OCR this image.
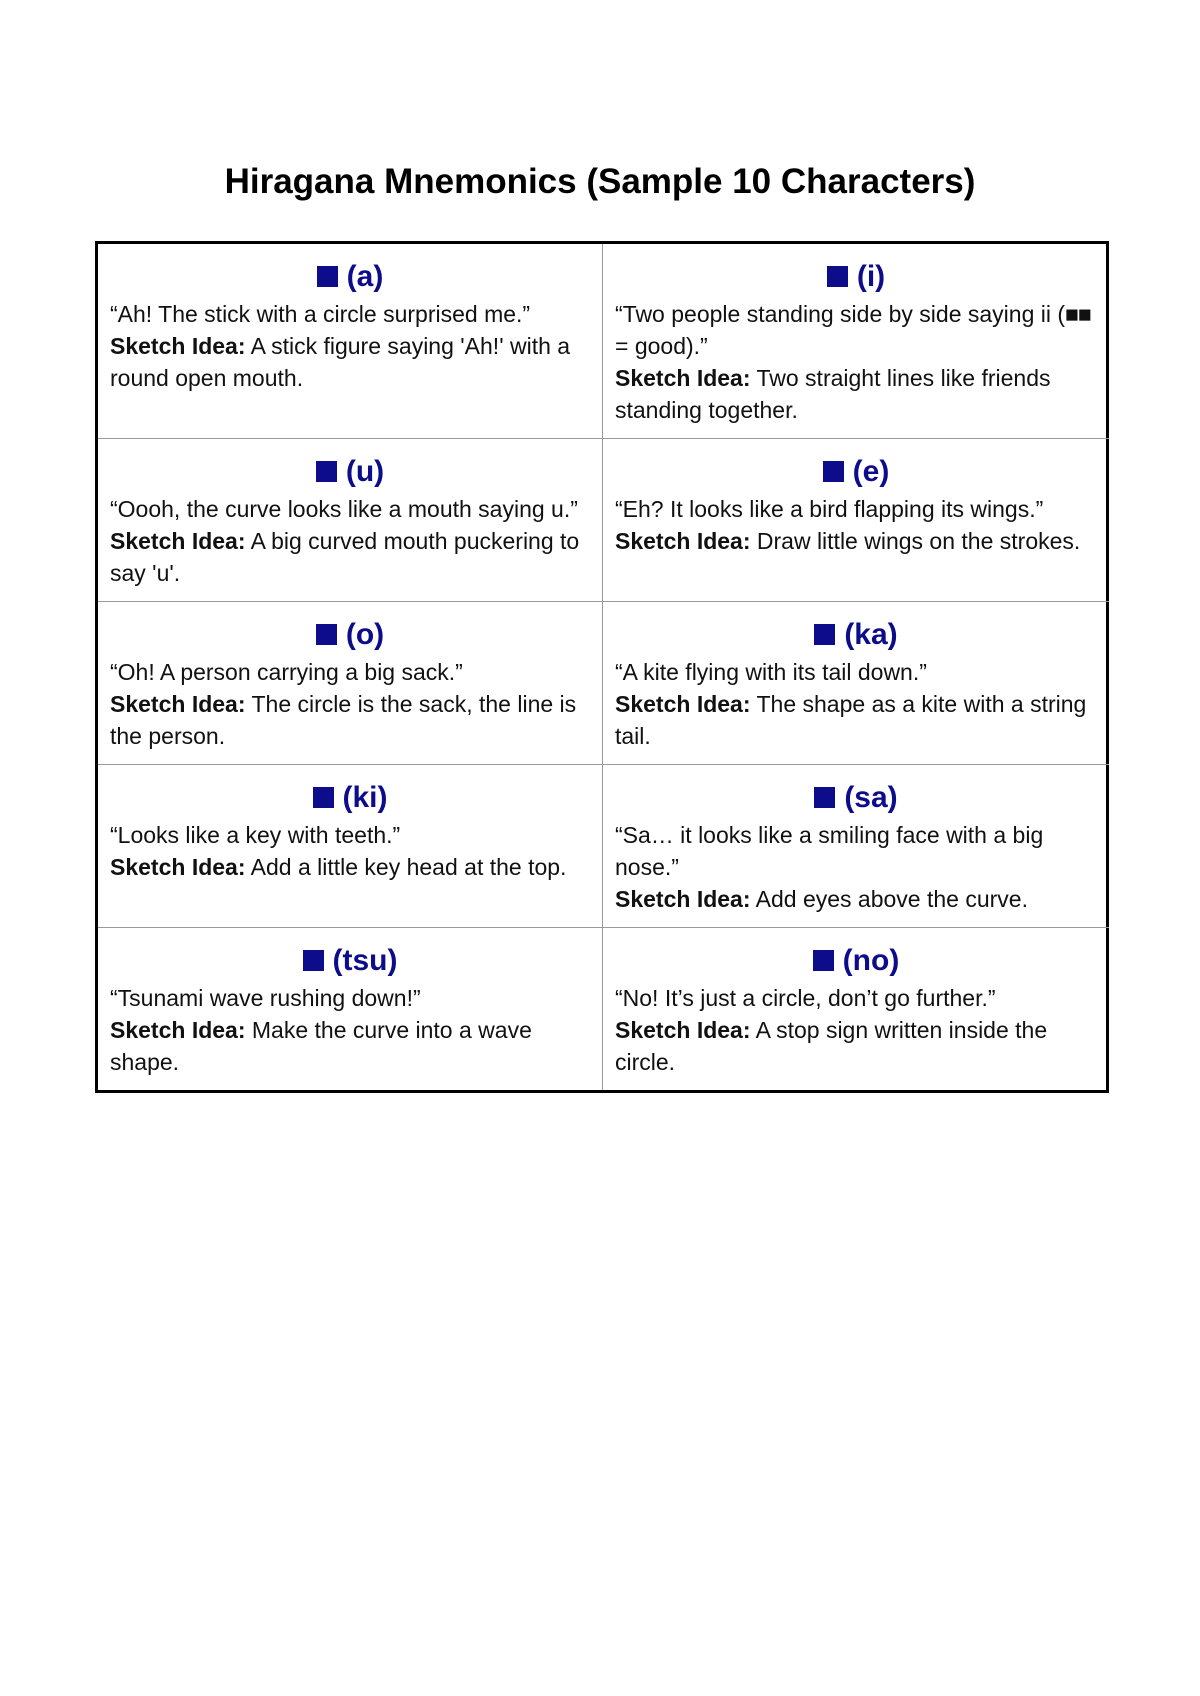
Hiragana Mnemonics (Sample 10 Characters)
(a)
“Ah! The stick with a circle surprised me.”
Sketch Idea: A stick figure saying 'Ah!' with a round open mouth.
(i)
“Two people standing side by side saying ii (■■ = good).”
Sketch Idea: Two straight lines like friends standing together.
(u)
“Oooh, the curve looks like a mouth saying u.”
Sketch Idea: A big curved mouth puckering to say 'u'.
(e)
“Eh? It looks like a bird flapping its wings.”
Sketch Idea: Draw little wings on the strokes.
(o)
“Oh! A person carrying a big sack.”
Sketch Idea: The circle is the sack, the line is the person.
(ka)
“A kite flying with its tail down.”
Sketch Idea: The shape as a kite with a string tail.
(ki)
“Looks like a key with teeth.”
Sketch Idea: Add a little key head at the top.
(sa)
“Sa… it looks like a smiling face with a big nose.”
Sketch Idea: Add eyes above the curve.
(tsu)
“Tsunami wave rushing down!”
Sketch Idea: Make the curve into a wave shape.
(no)
“No! It’s just a circle, don’t go further.”
Sketch Idea: A stop sign written inside the circle.
